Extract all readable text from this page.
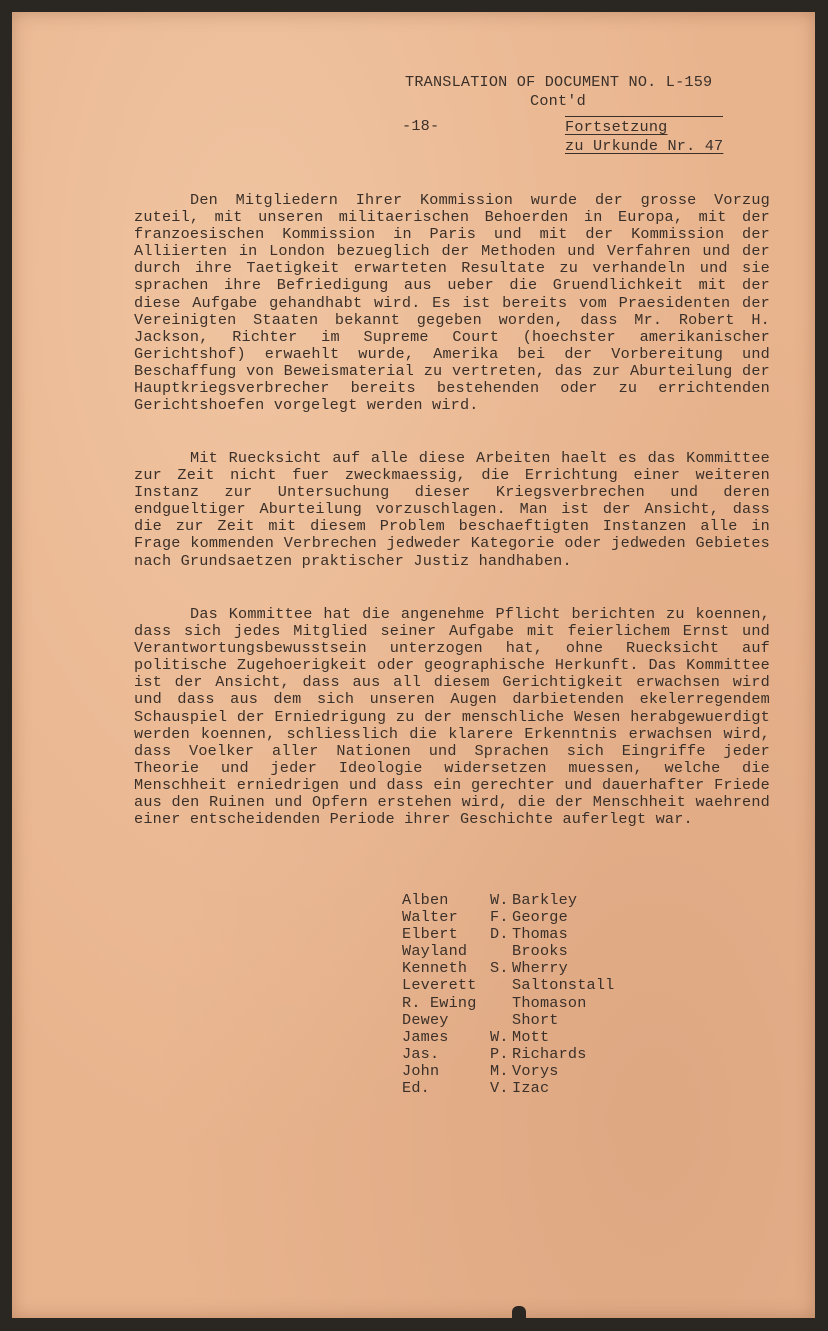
TRANSLATION OF DOCUMENT NO. L-159
Cont'd
-18-	Fortsetzung
zu Urkunde Nr. 47

Den Mitgliedern Ihrer Kommission wurde der grosse Vorzug zuteil, mit unseren militaerischen Behoerden in Europa, mit der franzoesischen Kommission in Paris und mit der Kommission der Alliierten in London bezueglich der Methoden und Verfahren und der durch ihre Taetigkeit erwarteten Resultate zu verhandeln und sie sprachen ihre Befriedigung aus ueber die Gruendlichkeit mit der diese Aufgabe gehandhabt wird. Es ist bereits vom Praesidenten der Vereinigten Staaten bekannt gegeben worden, dass Mr. Robert H. Jackson, Richter im Supreme Court (hoechster amerikanischer Gerichtshof) erwaehlt wurde, Amerika bei der Vorbereitung und Beschaffung von Beweismaterial zu vertreten, das zur Aburteilung der Hauptkriegsverbrecher bereits bestehenden oder zu errichtenden Gerichtshoefen vorgelegt werden wird.

Mit Ruecksicht auf alle diese Arbeiten haelt es das Kommittee zur Zeit nicht fuer zweckmaessig, die Errichtung einer weiteren Instanz zur Untersuchung dieser Kriegsverbrechen und deren endgueltiger Aburteilung vorzuschlagen. Man ist der Ansicht, dass die zur Zeit mit diesem Problem beschaeftigten Instanzen alle in Frage kommenden Verbrechen jedweder Kategorie oder jedweden Gebietes nach Grundsaetzen praktischer Justiz handhaben.

Das Kommittee hat die angenehme Pflicht berichten zu koennen, dass sich jedes Mitglied seiner Aufgabe mit feierlichem Ernst und Verantwortungsbewusstsein unterzogen hat, ohne Ruecksicht auf politische Zugehoerigkeit oder geographische Herkunft. Das Kommittee ist der Ansicht, dass aus all diesem Gerichtigkeit erwachsen wird und dass aus dem sich unseren Augen darbietenden ekelerregendem Schauspiel der Erniedrigung zu der menschliche Wesen herabgewuerdigt werden koennen, schliesslich die klarere Erkenntnis erwachsen wird, dass Voelker aller Nationen und Sprachen sich Eingriffe jeder Theorie und jeder Ideologie widersetzen muessen, welche die Menschheit erniedrigen und dass ein gerechter und dauerhafter Friede aus den Ruinen und Opfern erstehen wird, die der Menschheit waehrend einer entscheidenden Periode ihrer Geschichte auferlegt war.

Alben	W.	Barkley
Walter	F.	George
Elbert	D.	Thomas
Wayland		Brooks
Kenneth	S.	Wherry
Leverett		Saltonstall
R. Ewing		Thomason
Dewey		Short
James	W.	Mott
Jas.	P.	Richards
John	M.	Vorys
Ed.	V.	Izac
